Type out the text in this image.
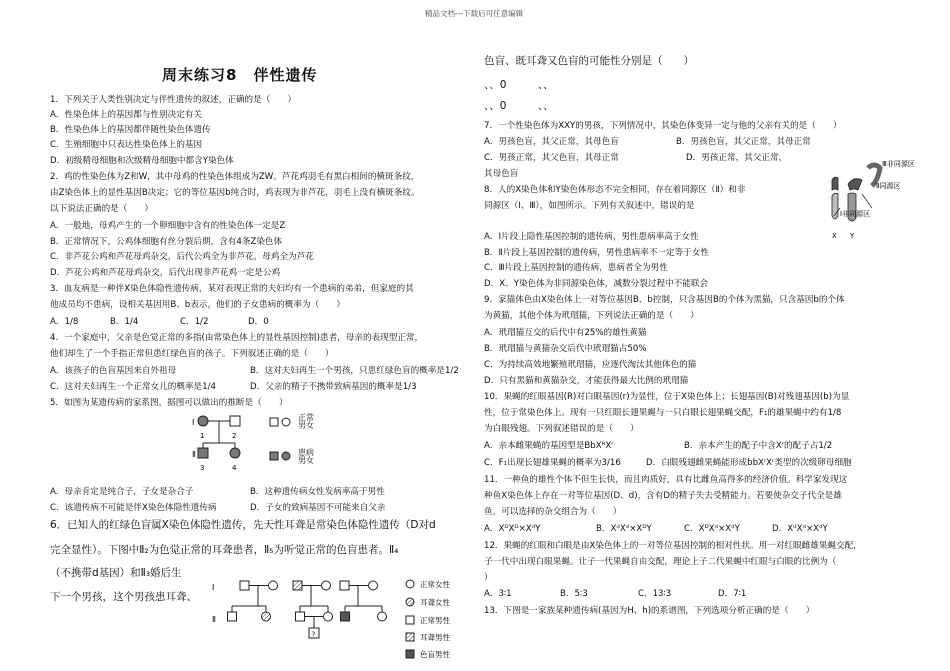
精品文档---下载后可任意编辑
周末练习8　伴性遗传
1．下列关于人类性别决定与伴性遗传的叙述，正确的是（　　）
A．性染色体上的基因都与性别决定有关
B．性染色体上的基因都伴随性染色体遗传
C．生殖细胞中只表达性染色体上的基因
D．初级精母细胞和次级精母细胞中都含Y染色体
2．鸡的性染色体为Z和W，其中母鸡的性染色体组成为ZW。芦花鸡羽毛有黑白相间的横斑条纹，
由Z染色体上的显性基因B决定；它的等位基因b纯合时，鸡表现为非芦花，羽毛上没有横斑条纹。
以下说法正确的是（　　）
A．一般地，母鸡产生的一个卵细胞中含有的性染色体一定是Z
B．正常情况下，公鸡体细胞有丝分裂后期，含有4条Z染色体
C．非芦花公鸡和芦花母鸡杂交，后代公鸡全为非芦花，母鸡全为芦花
D．芦花公鸡和芦花母鸡杂交，后代出现非芦花鸡一定是公鸡
3．血友病是一种伴X染色体隐性遗传病，某对表现正常的夫妇均有一个患病的弟弟，但家庭的其
他成员均不患病，设相关基因用B、b表示，他们的子女患病的概率为（　　）
A．1/8	B．1/4	C．1/2	D．0
4．一个家庭中，父亲是色觉正常的多指(由常染色体上的显性基因控制)患者，母亲的表现型正常，
他们却生了一个手指正常但患红绿色盲的孩子。下列叙述正确的是（　　）
A．该孩子的色盲基因来自外祖母	B．这对夫妇再生一个男孩，只患红绿色盲的概率是1/2
C．这对夫妇再生一个正常女儿的概率是1/4	D．父亲的精子不携带致病基因的概率是1/3
5．如图为某遗传病的家系图，据图可以做出的推断是（　　）
Ⅰ
Ⅱ
1	2
3	4
正常
男女
患病
男女
A．母亲肯定是纯合子，子女是杂合子	B．这种遗传病女性发病率高于男性
C．该遗传病不可能是伴X染色体隐性遗传病	D．子女的致病基因不可能来自父亲
6．已知人的红绿色盲属X染色体隐性遗传，先天性耳聋是常染色体隐性遗传（D对d
完全显性）。下图中Ⅱ₂为色觉正常的耳聋患者，Ⅱ₅为听觉正常的色盲患者。Ⅱ₄
（不携带d基因）和Ⅱ₃婚后生
下一个男孩，这个男孩患耳聋、
Ⅰ
Ⅱ
?
正常女性
耳聋女性
正常男性
耳聋男性
色盲男性
色盲、既耳聋又色盲的可能性分别是（　　）
、、0　　　、、
、、0　　　、、
7．一个性染色体为XXY的男孩，下列情况中，其染色体变异一定与他的父亲有关的是（　　）
A．男孩色盲，其父正常，其母色盲	B．男孩色盲，其父正常，其母正常
C．男孩正常，其父色盲，其母正常	D．男孩正常，其父正常，
其母色盲
8．人的X染色体和Y染色体形态不完全相同，存在着同源区（Ⅱ）和非
同源区（Ⅰ、Ⅲ），如图所示。下列有关叙述中，错误的是
Ⅲ非同源区
Ⅱ同源区
Ⅰ非同源区
X Y
A．Ⅰ片段上隐性基因控制的遗传病，男性患病率高于女性
B．Ⅱ片段上基因控制的遗传病，男性患病率不一定等于女性
C．Ⅲ片段上基因控制的遗传病，患病者全为男性
D．X、Y染色体为非同源染色体，减数分裂过程中不能联会
9．家猫体色由X染色体上一对等位基因B、b控制，只含基因B的个体为黑猫，只含基因b的个体
为黄猫，其他个体为玳瑁猫，下列说法正确的是（　　）
A．玳瑁猫互交的后代中有25%的雄性黄猫
B．玳瑁猫与黄猫杂交后代中玳瑁猫占50%
C．为持续高效地繁殖玳瑁猫，应逐代淘汰其他体色的猫
D．只有黑猫和黄猫杂交，才能获得最大比例的玳瑁猫
10．果蝇的红眼基因(R)对白眼基因(r)为显性，位于X染色体上；长翅基因(B)对残翅基因(b)为显
性，位于常染色体上。现有一只红眼长翅果蝇与一只白眼长翅果蝇交配，F₁的雄果蝇中约有1/8
为白眼残翅。下列叙述错误的是（　　）
A．亲本雌果蝇的基因型是BbXᴿXʳ	B．亲本产生的配子中含Xʳ的配子占1/2
C．F₁出现长翅雄果蝇的概率为3/16	D．白眼残翅雌果蝇能形成bbXʳXʳ类型的次级卵母细胞
11．一种鱼的雄性个体不但生长快，而且肉质好，具有比雌鱼高得多的经济价值。科学家发现这
种鱼X染色体上存在一对等位基因(D、d)，含有D的精子失去受精能力。若要使杂交子代全是雄
鱼，可以选择的杂交组合为（　　）
A．XᴰXᴰ×XᵈY	B．XᵈXᵈ×XᴰY	C．XᴰXᵈ×XᵈY	D．XᵈXᵈ×XᵈY
12．果蝇的红眼和白眼是由X染色体上的一对等位基因控制的相对性状。用一对红眼雌雄果蝇交配，
子一代中出现白眼果蝇。让子一代果蝇自由交配，理论上子二代果蝇中红眼与白眼的比例为（
）
A．3∶1	B．5∶3	C．13∶3	D．7∶1
13．下图是一家族某种遗传病(基因为H、h)的系谱图，下列选项分析正确的是（　　）
